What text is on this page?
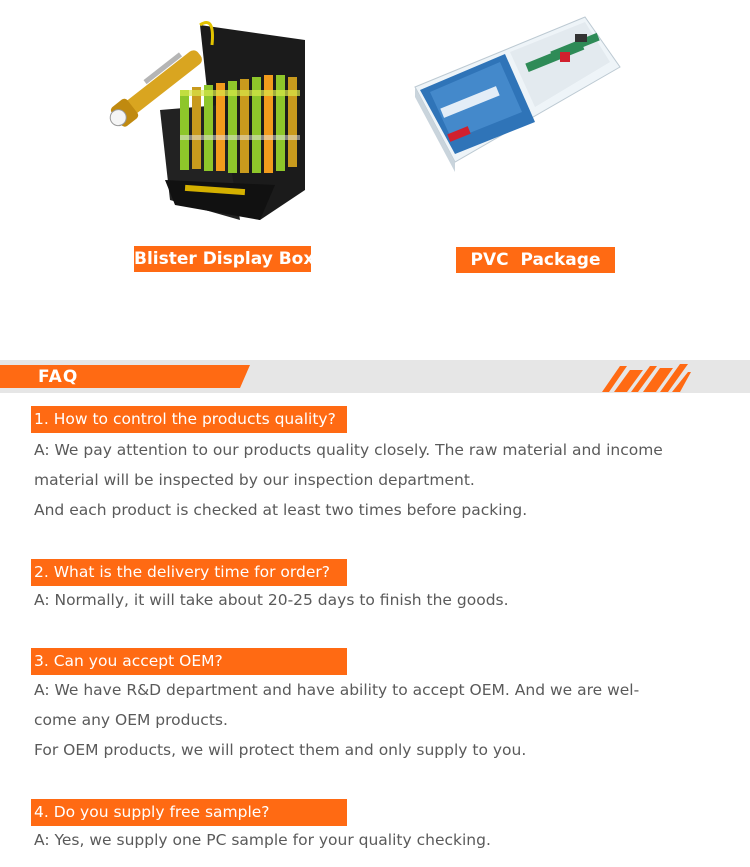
Blister Display Box	PVC  Package
FAQ
1. How to control the products quality?
A: We pay attention to our products quality closely. The raw material and income
material will be inspected by our inspection department.
And each product is checked at least two times before packing.
2. What is the delivery time for order?
A: Normally, it will take about 20-25 days to finish the goods.
3. Can you accept OEM?
A: We have R&D department and have ability to accept OEM. And we are wel-
come any OEM products.
For OEM products, we will protect them and only supply to you.
4. Do you supply free sample?
A: Yes, we supply one PC sample for your quality checking.
